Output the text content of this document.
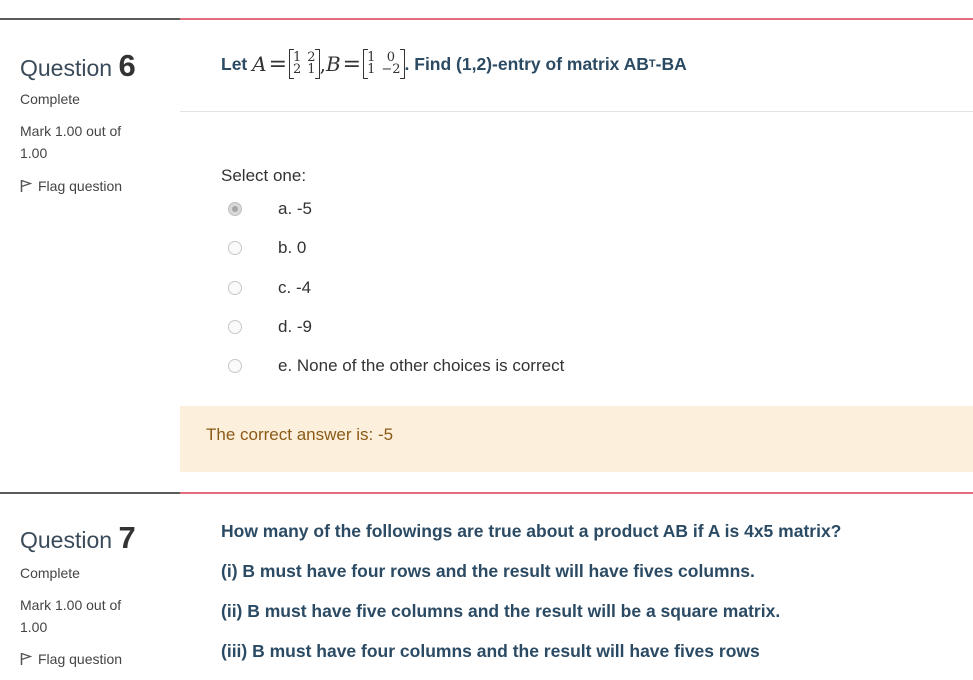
Question 6
Complete
Mark 1.00 out of 1.00
Flag question
Let
A = 1 2
2 1 , B = 1 0
1 −2 . Find (1,2)-entry of matrix AB T -BA
Select one:
a. -5
b. 0
c. -4
d. -9
e. None of the other choices is correct
The correct answer is: -5
Question 7
Complete
Mark 1.00 out of 1.00
Flag question
How many of the followings are true about a product AB if A is 4x5 matrix?
(i) B must have four rows and the result will have fives columns.
(ii) B must have five columns and the result will be a square matrix.
(iii) B must have four columns and the result will have fives rows
